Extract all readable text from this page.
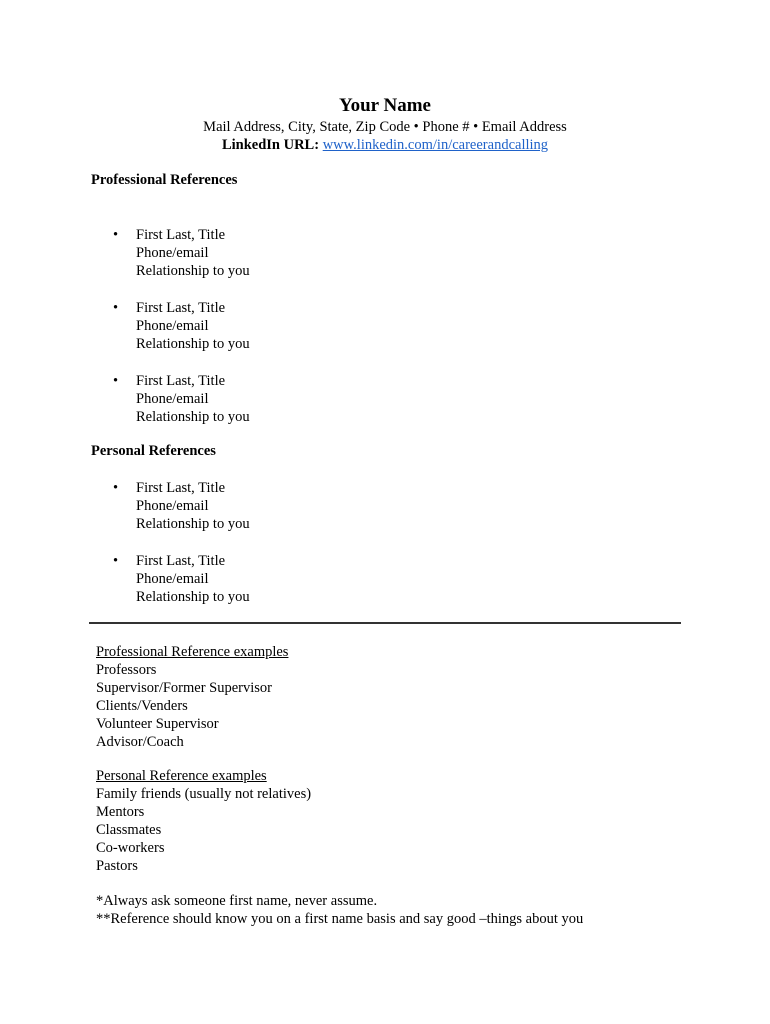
Your Name
Mail Address, City, State, Zip Code • Phone # • Email Address
LinkedIn URL: www.linkedin.com/in/careerandcalling
Professional References
• First Last, Title
Phone/email
Relationship to you
• First Last, Title
Phone/email
Relationship to you
• First Last, Title
Phone/email
Relationship to you
Personal References
• First Last, Title
Phone/email
Relationship to you
• First Last, Title
Phone/email
Relationship to you
Professional Reference examples
Professors
Supervisor/Former Supervisor
Clients/Venders
Volunteer Supervisor
Advisor/Coach
Personal Reference examples
Family friends (usually not relatives)
Mentors
Classmates
Co-workers
Pastors
*Always ask someone first name, never assume.
**Reference should know you on a first name basis and say good –things about you
